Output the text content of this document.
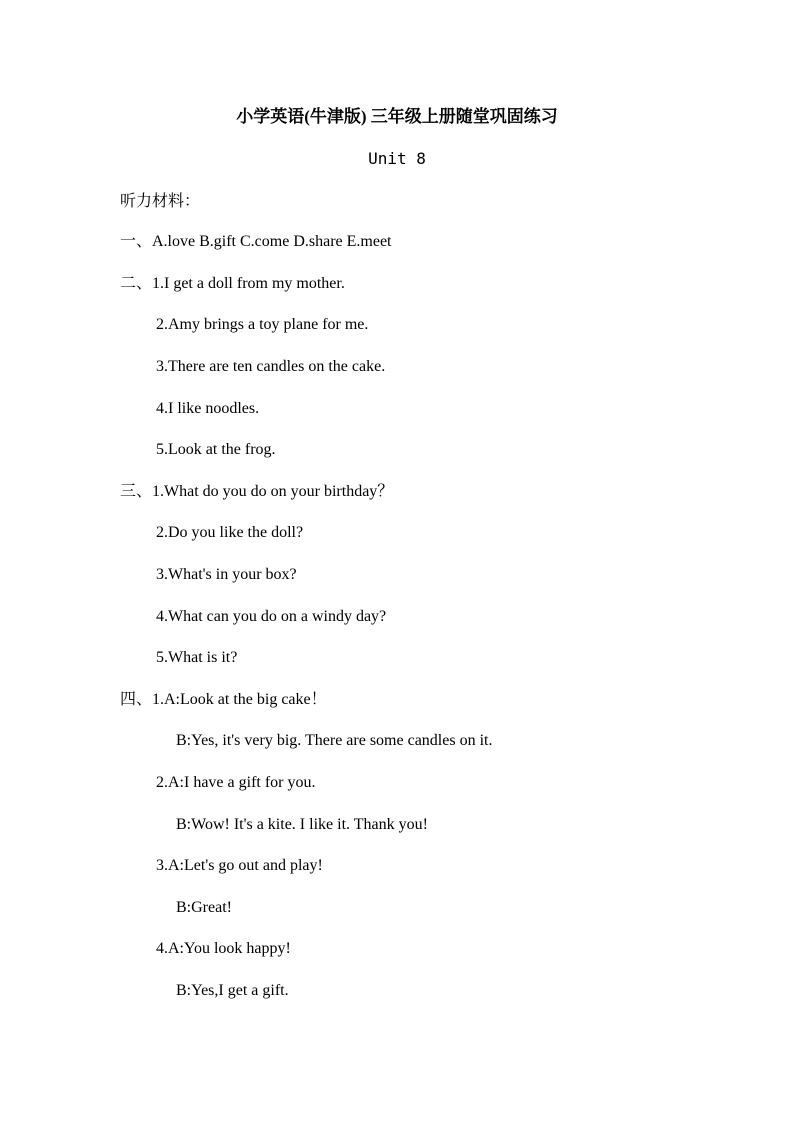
小学英语(牛津版) 三年级上册随堂巩固练习
Unit 8
听力材料：
一、A.love B.gift C.come D.share E.meet
二、1.I get a doll from my mother.
2.Amy brings a toy plane for me.
3.There are ten candles on the cake.
4.I like noodles.
5.Look at the frog.
三、1.What do you do on your birthday？
2.Do you like the doll?
3.What's in your box?
4.What can you do on a windy day?
5.What is it?
四、1.A:Look at the big cake！
B:Yes, it's very big. There are some candles on it.
2.A:I have a gift for you.
B:Wow! It's a kite. I like it. Thank you!
3.A:Let's go out and play!
B:Great!
4.A:You look happy!
B:Yes,I get a gift.
